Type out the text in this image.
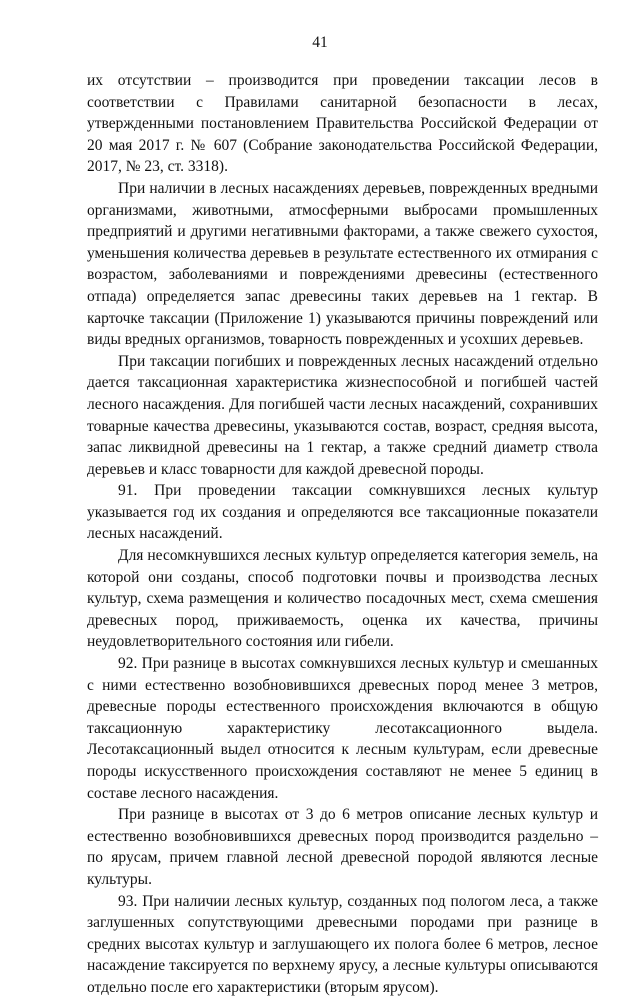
41

их отсутствии – производится при проведении таксации лесов в соответствии с Правилами санитарной безопасности в лесах, утвержденными постановлением Правительства Российской Федерации от 20 мая 2017 г. № 607 (Собрание законодательства Российской Федерации, 2017, № 23, ст. 3318).

При наличии в лесных насаждениях деревьев, поврежденных вредными организмами, животными, атмосферными выбросами промышленных предприятий и другими негативными факторами, а также свежего сухостоя, уменьшения количества деревьев в результате естественного их отмирания с возрастом, заболеваниями и повреждениями древесины (естественного отпада) определяется запас древесины таких деревьев на 1 гектар. В карточке таксации (Приложение 1) указываются причины повреждений или виды вредных организмов, товарность поврежденных и усохших деревьев.

При таксации погибших и поврежденных лесных насаждений отдельно дается таксационная характеристика жизнеспособной и погибшей частей лесного насаждения. Для погибшей части лесных насаждений, сохранивших товарные качества древесины, указываются состав, возраст, средняя высота, запас ликвидной древесины на 1 гектар, а также средний диаметр ствола деревьев и класс товарности для каждой древесной породы.

91. При проведении таксации сомкнувшихся лесных культур указывается год их создания и определяются все таксационные показатели лесных насаждений.

Для несомкнувшихся лесных культур определяется категория земель, на которой они созданы, способ подготовки почвы и производства лесных культур, схема размещения и количество посадочных мест, схема смешения древесных пород, приживаемость, оценка их качества, причины неудовлетворительного состояния или гибели.

92. При разнице в высотах сомкнувшихся лесных культур и смешанных с ними естественно возобновившихся древесных пород менее 3 метров, древесные породы естественного происхождения включаются в общую таксационную характеристику лесотаксационного выдела. Лесотаксационный выдел относится к лесным культурам, если древесные породы искусственного происхождения составляют не менее 5 единиц в составе лесного насаждения.

При разнице в высотах от 3 до 6 метров описание лесных культур и естественно возобновившихся древесных пород производится раздельно – по ярусам, причем главной лесной древесной породой являются лесные культуры.

93. При наличии лесных культур, созданных под пологом леса, а также заглушенных сопутствующими древесными породами при разнице в средних высотах культур и заглушающего их полога более 6 метров, лесное насаждение таксируется по верхнему ярусу, а лесные культуры описываются отдельно после его характеристики (вторым ярусом).
